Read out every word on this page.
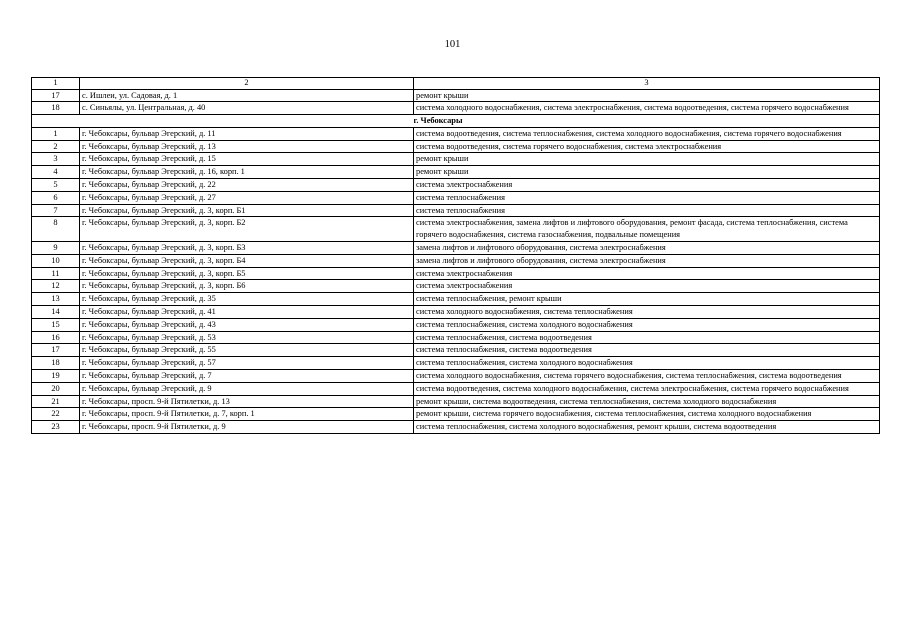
101
1	2	3
17	с. Ишлеи, ул. Садовая, д. 1	ремонт крыши
18	с. Синьялы, ул. Центральная, д. 40	система холодного водоснабжения, система электроснабжения, система водоотведения, система горячего водоснабжения
		г. Чебоксары
1	г. Чебоксары, бульвар Эгерский, д. 11	система водоотведения, система теплоснабжения, система холодного водоснабжения, система горячего водоснабжения
2	г. Чебоксары, бульвар Эгерский, д. 13	система водоотведения, система горячего водоснабжения, система электроснабжения
3	г. Чебоксары, бульвар Эгерский, д. 15	ремонт крыши
4	г. Чебоксары, бульвар Эгерский, д. 16, корп. 1	ремонт крыши
5	г. Чебоксары, бульвар Эгерский, д. 22	система электроснабжения
6	г. Чебоксары, бульвар Эгерский, д. 27	система теплоснабжения
7	г. Чебоксары, бульвар Эгерский, д. 3, корп. Б1	система теплоснабжения
8	г. Чебоксары, бульвар Эгерский, д. 3, корп. Б2	система электроснабжения, замена лифтов и лифтового оборудования, ремонт фасада, система теплоснабжения, система горячего водоснабжения, система газоснабжения, подвальные помещения
9	г. Чебоксары, бульвар Эгерский, д. 3, корп. Б3	замена лифтов и лифтового оборудования, система электроснабжения
10	г. Чебоксары, бульвар Эгерский, д. 3, корп. Б4	замена лифтов и лифтового оборудования, система электроснабжения
11	г. Чебоксары, бульвар Эгерский, д. 3, корп. Б5	система электроснабжения
12	г. Чебоксары, бульвар Эгерский, д. 3, корп. Б6	система электроснабжения
13	г. Чебоксары, бульвар Эгерский, д. 35	система теплоснабжения, ремонт крыши
14	г. Чебоксары, бульвар Эгерский, д. 41	система холодного водоснабжения, система теплоснабжения
15	г. Чебоксары, бульвар Эгерский, д. 43	система теплоснабжения, система холодного водоснабжения
16	г. Чебоксары, бульвар Эгерский, д. 53	система теплоснабжения, система водоотведения
17	г. Чебоксары, бульвар Эгерский, д. 55	система теплоснабжения, система водоотведения
18	г. Чебоксары, бульвар Эгерский, д. 57	система теплоснабжения, система холодного водоснабжения
19	г. Чебоксары, бульвар Эгерский, д. 7	система холодного водоснабжения, система горячего водоснабжения, система теплоснабжения, система водоотведения
20	г. Чебоксары, бульвар Эгерский, д. 9	система водоотведения, система холодного водоснабжения, система электроснабжения, система горячего водоснабжения
21	г. Чебоксары, просп. 9-й Пятилетки, д. 13	ремонт крыши, система водоотведения, система теплоснабжения, система холодного водоснабжения
22	г. Чебоксары, просп. 9-й Пятилетки, д. 7, корп. 1	ремонт крыши, система горячего водоснабжения, система теплоснабжения, система холодного водоснабжения
23	г. Чебоксары, просп. 9-й Пятилетки, д. 9	система теплоснабжения, система холодного водоснабжения, ремонт крыши, система водоотведения
